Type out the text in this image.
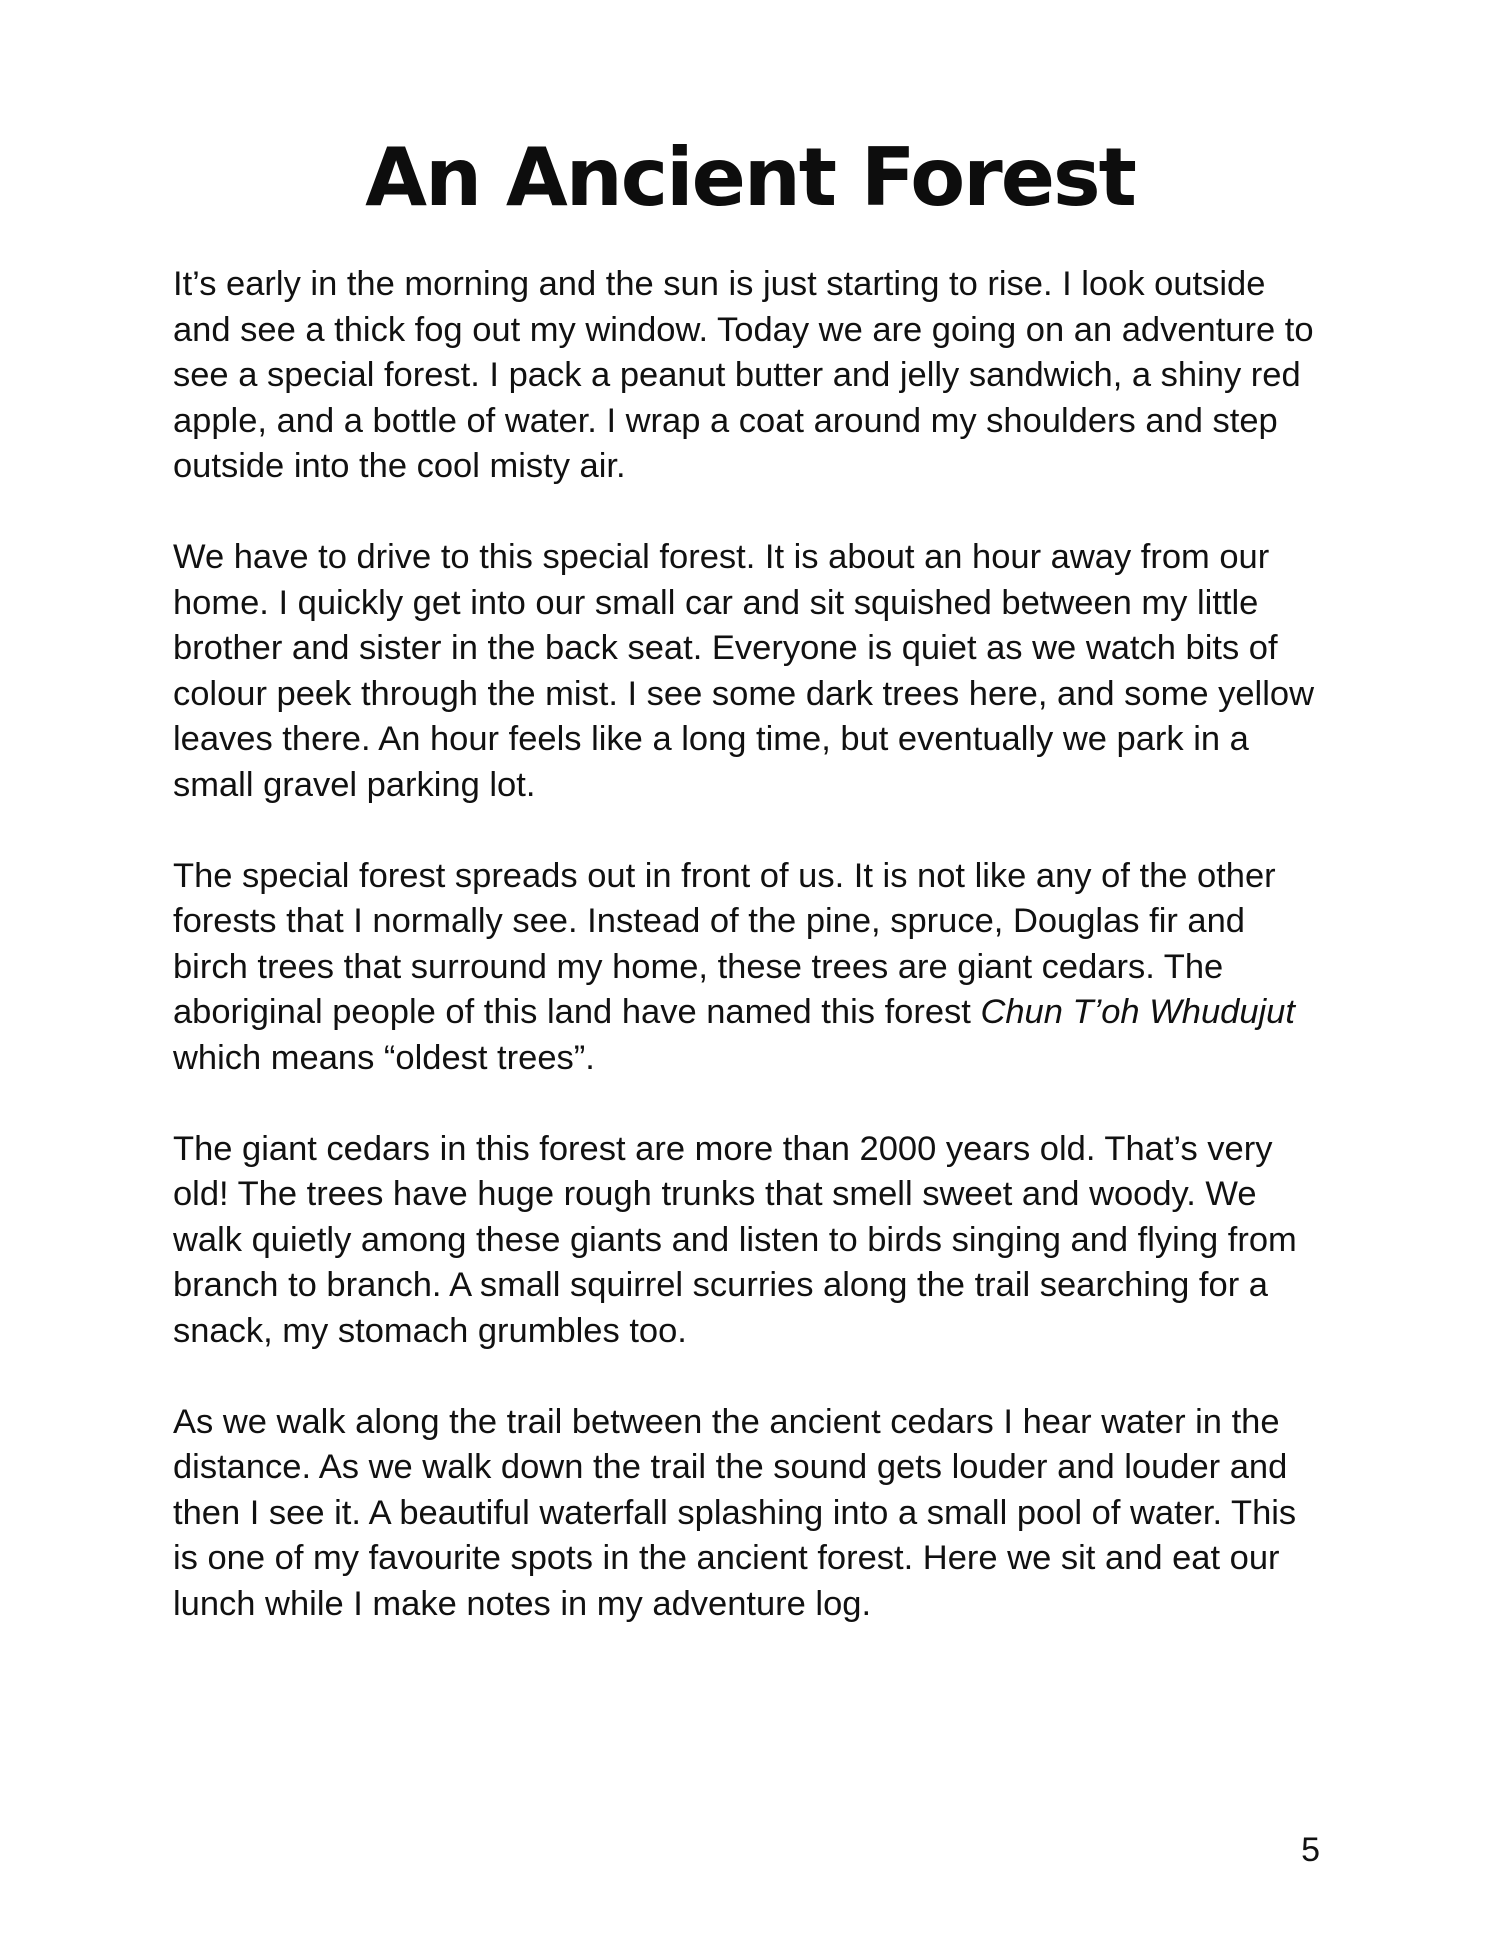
An Ancient Forest

It’s early in the morning and the sun is just starting to rise. I look outside
and see a thick fog out my window. Today we are going on an adventure to
see a special forest. I pack a peanut butter and jelly sandwich, a shiny red
apple, and a bottle of water. I wrap a coat around my shoulders and step
outside into the cool misty air.

We have to drive to this special forest. It is about an hour away from our
home. I quickly get into our small car and sit squished between my little
brother and sister in the back seat. Everyone is quiet as we watch bits of
colour peek through the mist. I see some dark trees here, and some yellow
leaves there. An hour feels like a long time, but eventually we park in a
small gravel parking lot.

The special forest spreads out in front of us. It is not like any of the other
forests that I normally see. Instead of the pine, spruce, Douglas fir and
birch trees that surround my home, these trees are giant cedars. The
aboriginal people of this land have named this forest Chun T’oh Whudujut
which means “oldest trees”.

The giant cedars in this forest are more than 2000 years old. That’s very
old! The trees have huge rough trunks that smell sweet and woody. We
walk quietly among these giants and listen to birds singing and flying from
branch to branch. A small squirrel scurries along the trail searching for a
snack, my stomach grumbles too.

As we walk along the trail between the ancient cedars I hear water in the
distance. As we walk down the trail the sound gets louder and louder and
then I see it. A beautiful waterfall splashing into a small pool of water. This
is one of my favourite spots in the ancient forest. Here we sit and eat our
lunch while I make notes in my adventure log.

5
